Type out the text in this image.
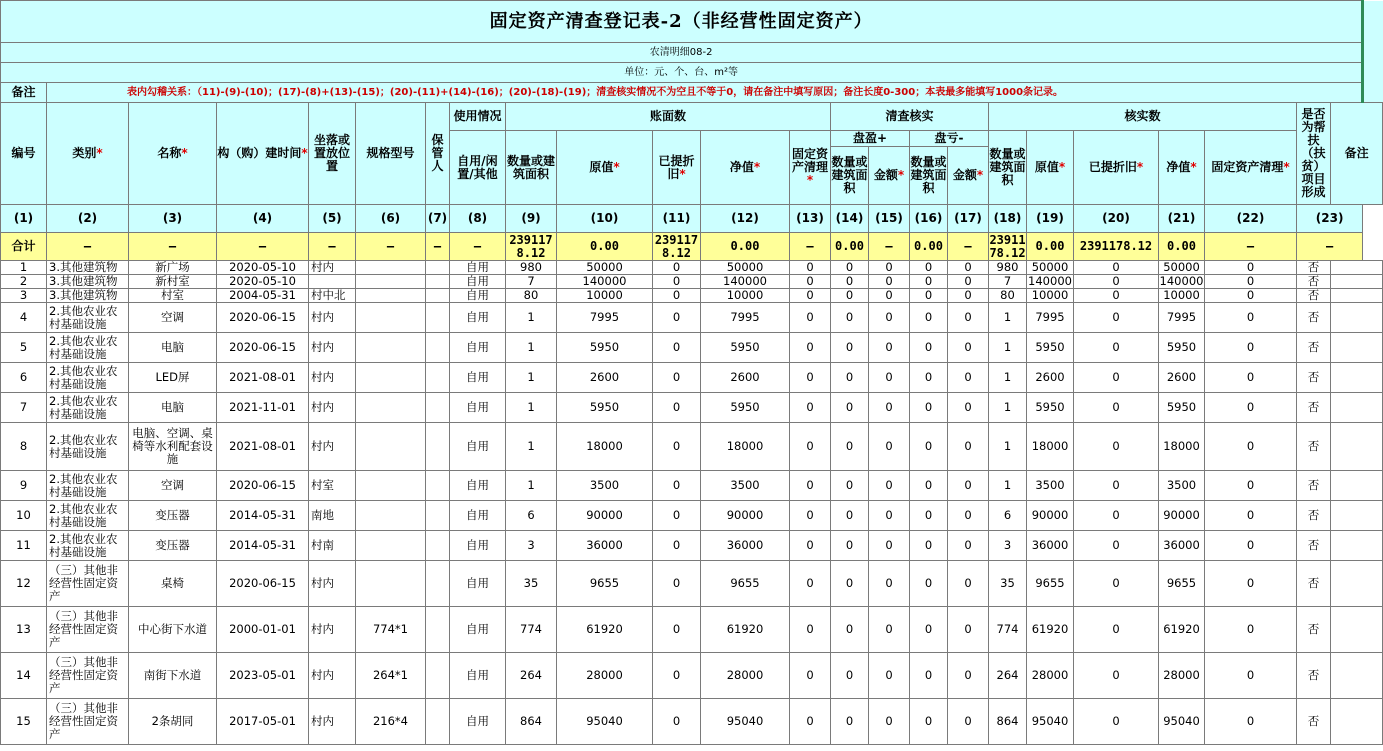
固定资产清查登记表-2（非经营性固定资产）																								
农清明细08-2																								
单位：元、个、台、m²等																								
备注	表内勾稽关系：（11)-(9)-(10)；(17)-(8)+(13)-(15)；(20)-(11)+(14)-(16)；(20)-(18)-(19)；清查核实情况不为空且不等于0，请在备注中填写原因；备注长度0-300；本表最多能填写1000条记录。																							
编号	类别*	名称*	构（购）建时间*	坐落或置放位置	规格型号	保管人	使用情况	账面数					清查核实				核实数					是否为帮扶（扶贫）项目形成	备注	
							自用/闲置/其他	数量或建筑面积	原值*	已提折旧*	净值*	固定资产清理*	盘盈+		盘亏-		数量或建筑面积	原值*	已提折旧*	净值*	固定资产清理*			
													数量或建筑面积	金额*	数量或建筑面积	金额*								
(1)	(2)	(3)	(4)	(5)	(6)	(7)	(8)	(9)	(10)	(11)	(12)	(13)	(14)	(15)	(16)	(17)	(18)	(19)	(20)	(21)	(22)	(23)		
合计	–	–	–	–	–	–	–	2391178.12	0.00	2391178.12	0.00	–	0.00	–	0.00	–	2391178.12	0.00	2391178.12	0.00	–	–		
1	3.其他建筑物	新广场	2020-05-10	村内			自用	980	50000	0	50000	0	0	0	0	0	980	50000	0	50000	0	否		
2	3.其他建筑物	新村室	2020-05-10				自用	7	140000	0	140000	0	0	0	0	0	7	140000	0	140000	0	否		
3	3.其他建筑物	村室	2004-05-31	村中北			自用	80	10000	0	10000	0	0	0	0	0	80	10000	0	10000	0	否		
4	2.其他农业农村基础设施	空调	2020-06-15	村内			自用	1	7995	0	7995	0	0	0	0	0	1	7995	0	7995	0	否		
5	2.其他农业农村基础设施	电脑	2020-06-15	村内			自用	1	5950	0	5950	0	0	0	0	0	1	5950	0	5950	0	否		
6	2.其他农业农村基础设施	LED屏	2021-08-01	村内			自用	1	2600	0	2600	0	0	0	0	0	1	2600	0	2600	0	否		
7	2.其他农业农村基础设施	电脑	2021-11-01	村内			自用	1	5950	0	5950	0	0	0	0	0	1	5950	0	5950	0	否		
8	2.其他农业农村基础设施	电脑、空调、桌椅等水利配套设施	2021-08-01	村内			自用	1	18000	0	18000	0	0	0	0	0	1	18000	0	18000	0	否		
9	2.其他农业农村基础设施	空调	2020-06-15	村室			自用	1	3500	0	3500	0	0	0	0	0	1	3500	0	3500	0	否		
10	2.其他农业农村基础设施	变压器	2014-05-31	南地			自用	6	90000	0	90000	0	0	0	0	0	6	90000	0	90000	0	否		
11	2.其他农业农村基础设施	变压器	2014-05-31	村南			自用	3	36000	0	36000	0	0	0	0	0	3	36000	0	36000	0	否		
12	（三）其他非经营性固定资产	桌椅	2020-06-15	村内			自用	35	9655	0	9655	0	0	0	0	0	35	9655	0	9655	0	否		
13	（三）其他非经营性固定资产	中心街下水道	2000-01-01	村内	774*1		自用	774	61920	0	61920	0	0	0	0	0	774	61920	0	61920	0	否		
14	（三）其他非经营性固定资产	南街下水道	2023-05-01	村内	264*1		自用	264	28000	0	28000	0	0	0	0	0	264	28000	0	28000	0	否		
15	（三）其他非经营性固定资产	2条胡同	2017-05-01	村内	216*4		自用	864	95040	0	95040	0	0	0	0	0	864	95040	0	95040	0	否		
